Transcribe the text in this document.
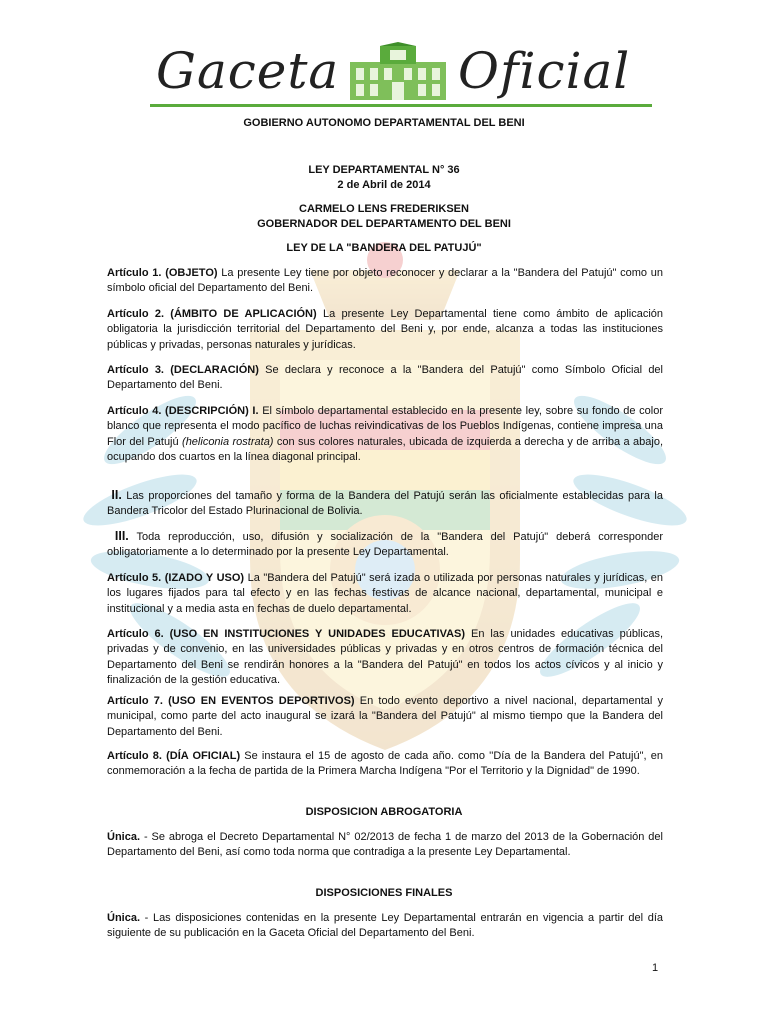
Gaceta Oficial
GOBIERNO AUTONOMO DEPARTAMENTAL DEL BENI
LEY DEPARTAMENTAL N° 36
2 de Abril de 2014
CARMELO LENS FREDERIKSEN
GOBERNADOR DEL DEPARTAMENTO DEL BENI
LEY DE LA "BANDERA DEL PATUJÚ"
Artículo 1. (OBJETO) La presente Ley tiene por objeto reconocer y declarar a la "Bandera del Patujú" como un símbolo oficial del Departamento del Beni.
Artículo 2. (ÁMBITO DE APLICACIÓN) La presente Ley Departamental tiene como ámbito de aplicación obligatoria la jurisdicción territorial del Departamento del Beni y, por ende, alcanza a todas las instituciones públicas y privadas, personas naturales y jurídicas.
Artículo 3. (DECLARACIÓN) Se declara y reconoce a la "Bandera del Patujú" como Símbolo Oficial del Departamento del Beni.
Artículo 4. (DESCRIPCIÓN) I. El símbolo departamental establecido en la presente ley, sobre su fondo de color blanco que representa el modo pacífico de luchas reivindicativas de los Pueblos Indígenas, contiene impresa una Flor del Patujú (heliconia rostrata) con sus colores naturales, ubicada de izquierda a derecha y de arriba a abajo, ocupando dos cuartos en la línea diagonal principal.
II. Las proporciones del tamaño y forma de la Bandera del Patujú serán las oficialmente establecidas para la Bandera Tricolor del Estado Plurinacional de Bolivia.
III. Toda reproducción, uso, difusión y socialización de la "Bandera del Patujú" deberá corresponder obligatoriamente a lo determinado por la presente Ley Departamental.
Artículo 5. (IZADO Y USO) La "Bandera del Patujú" será izada o utilizada por personas naturales y jurídicas, en los lugares fijados para tal efecto y en las fechas festivas de alcance nacional, departamental, municipal e institucional y a media asta en fechas de duelo departamental.
Artículo 6. (USO EN INSTITUCIONES Y UNIDADES EDUCATIVAS) En las unidades educativas públicas, privadas y de convenio, en las universidades públicas y privadas y en otros centros de formación técnica del Departamento del Beni se rendirán honores a la "Bandera del Patujú" en todos los actos cívicos y al inicio y finalización de la gestión educativa.
Artículo 7. (USO EN EVENTOS DEPORTIVOS) En todo evento deportivo a nivel nacional, departamental y municipal, como parte del acto inaugural se izará la "Bandera del Patujú" al mismo tiempo que la Bandera del Departamento del Beni.
Artículo 8. (DÍA OFICIAL) Se instaura el 15 de agosto de cada año. como ''Día de la Bandera del Patujú", en conmemoración a la fecha de partida de la Primera Marcha Indígena "Por el Territorio y la Dignidad" de 1990.
DISPOSICION ABROGATORIA
Única. - Se abroga el Decreto Departamental N° 02/2013 de fecha 1 de marzo del 2013 de la Gobernación del Departamento del Beni, así como toda norma que contradiga a la presente Ley Departamental.
DISPOSICIONES FINALES
Única. - Las disposiciones contenidas en la presente Ley Departamental entrarán en vigencia a partir del día siguiente de su publicación en la Gaceta Oficial del Departamento del Beni.
1
